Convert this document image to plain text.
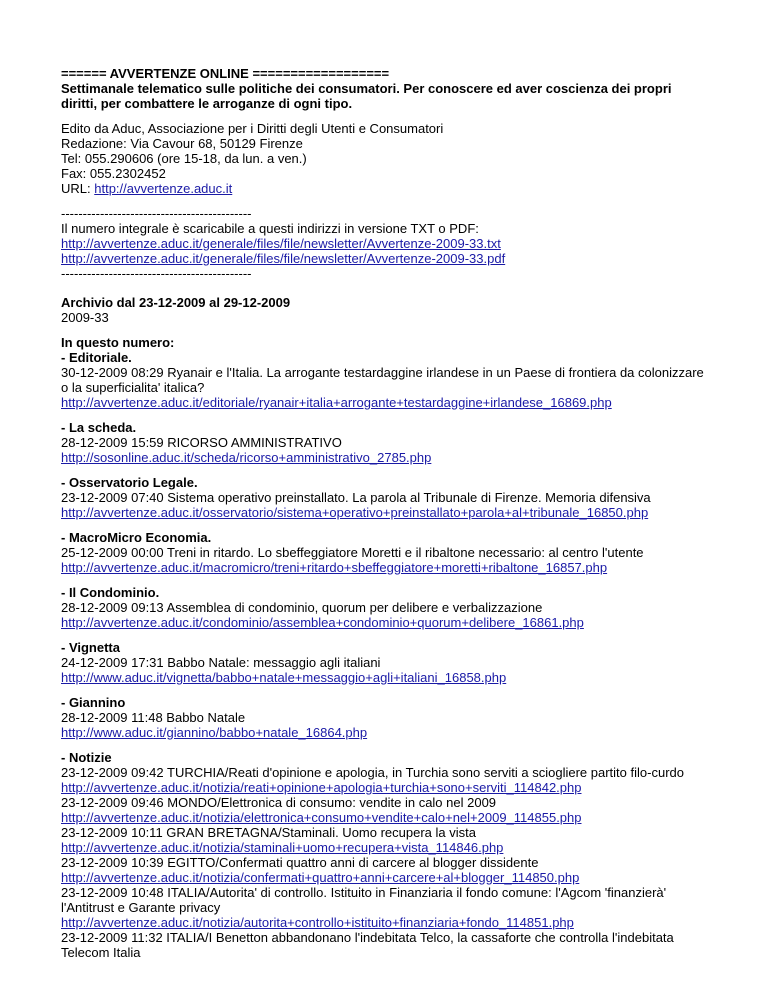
====== AVVERTENZE ONLINE ==================
Settimanale telematico sulle politiche dei consumatori. Per conoscere ed aver coscienza dei propri diritti, per combattere le arroganze di ogni tipo.
Edito da Aduc, Associazione per i Diritti degli Utenti e Consumatori
Redazione: Via Cavour 68, 50129 Firenze
Tel: 055.290606 (ore 15-18, da lun. a ven.)
Fax: 055.2302452
URL: http://avvertenze.aduc.it
--------------------------------------------
Il numero integrale è scaricabile a questi indirizzi in versione TXT o PDF:
http://avvertenze.aduc.it/generale/files/file/newsletter/Avvertenze-2009-33.txt
http://avvertenze.aduc.it/generale/files/file/newsletter/Avvertenze-2009-33.pdf
--------------------------------------------
Archivio dal 23-12-2009 al 29-12-2009
2009-33
In questo numero:
- Editoriale.
30-12-2009 08:29 Ryanair e l'Italia. La arrogante testardaggine irlandese in un Paese di frontiera da colonizzare o la superficialita' italica?
http://avvertenze.aduc.it/editoriale/ryanair+italia+arrogante+testardaggine+irlandese_16869.php
- La scheda.
28-12-2009 15:59 RICORSO AMMINISTRATIVO
http://sosonline.aduc.it/scheda/ricorso+amministrativo_2785.php
- Osservatorio Legale.
23-12-2009 07:40 Sistema operativo preinstallato. La parola al Tribunale di Firenze. Memoria difensiva
http://avvertenze.aduc.it/osservatorio/sistema+operativo+preinstallato+parola+al+tribunale_16850.php
- MacroMicro Economia.
25-12-2009 00:00 Treni in ritardo. Lo sbeffeggiatore Moretti e il ribaltone necessario: al centro l'utente
http://avvertenze.aduc.it/macromicro/treni+ritardo+sbeffeggiatore+moretti+ribaltone_16857.php
- Il Condominio.
28-12-2009 09:13 Assemblea di condominio, quorum per delibere e verbalizzazione
http://avvertenze.aduc.it/condominio/assemblea+condominio+quorum+delibere_16861.php
- Vignetta
24-12-2009 17:31 Babbo Natale: messaggio agli italiani
http://www.aduc.it/vignetta/babbo+natale+messaggio+agli+italiani_16858.php
- Giannino
28-12-2009 11:48 Babbo Natale
http://www.aduc.it/giannino/babbo+natale_16864.php
- Notizie
23-12-2009 09:42 TURCHIA/Reati d'opinione e apologia, in Turchia sono serviti a sciogliere partito filo-curdo
http://avvertenze.aduc.it/notizia/reati+opinione+apologia+turchia+sono+serviti_114842.php
23-12-2009 09:46 MONDO/Elettronica di consumo: vendite in calo nel 2009
http://avvertenze.aduc.it/notizia/elettronica+consumo+vendite+calo+nel+2009_114855.php
23-12-2009 10:11 GRAN BRETAGNA/Staminali. Uomo recupera la vista
http://avvertenze.aduc.it/notizia/staminali+uomo+recupera+vista_114846.php
23-12-2009 10:39 EGITTO/Confermati quattro anni di carcere al blogger dissidente
http://avvertenze.aduc.it/notizia/confermati+quattro+anni+carcere+al+blogger_114850.php
23-12-2009 10:48 ITALIA/Autorita' di controllo. Istituito in Finanziaria il fondo comune: l'Agcom 'finanzierà' l'Antitrust e Garante privacy
http://avvertenze.aduc.it/notizia/autorita+controllo+istituito+finanziaria+fondo_114851.php
23-12-2009 11:32 ITALIA/I Benetton abbandonano l'indebitata Telco, la cassaforte che controlla l'indebitata Telecom Italia
